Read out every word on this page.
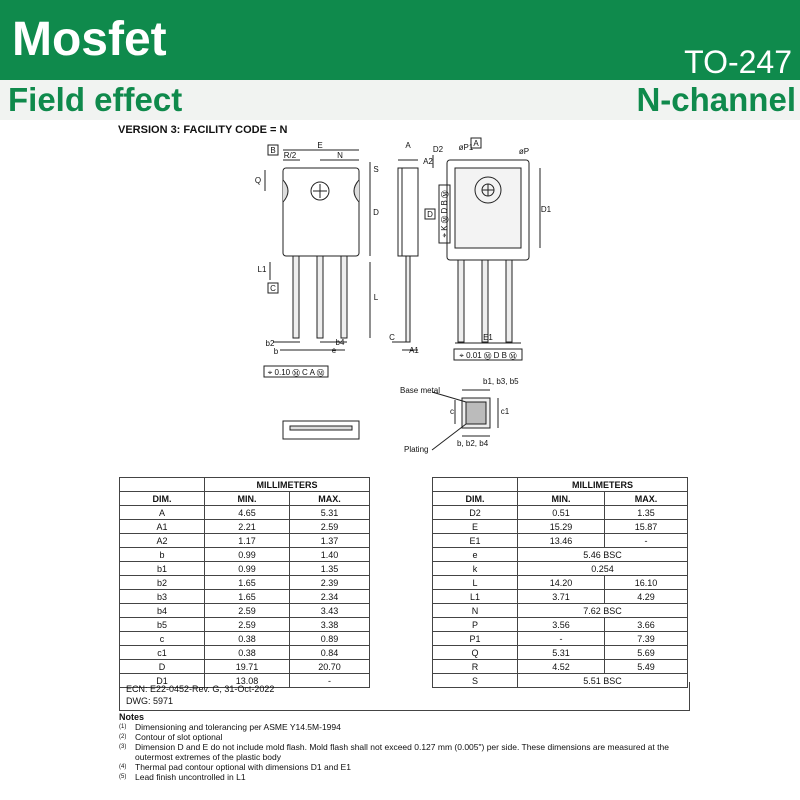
Mosfet	TO-247
Field effect	N-channel
VERSION 3: FACILITY CODE = N
E
R/2	N
Q
S
D
L1
L
b2
b
b4
e
A
A2
A1
C
D2 øP1	øP
D1
E1
B
C
D
A
⌖ 0.10 Ⓜ C A Ⓜ
⌖ 0.01 Ⓜ D B Ⓜ
⌖ K Ⓜ D B Ⓜ
Base metal
Plating
b1, b3, b5
b, b2, b4
c	c1
	MILLIMETERS	
DIM.	MIN.	MAX.
A	4.65	5.31
A1	2.21	2.59
A2	1.17	1.37
b	0.99	1.40
b1	0.99	1.35
b2	1.65	2.39
b3	1.65	2.34
b4	2.59	3.43
b5	2.59	3.38
c	0.38	0.89
c1	0.38	0.84
D	19.71	20.70
D1	13.08	-
	MILLIMETERS	
DIM.	MIN.	MAX.
D2	0.51	1.35
E	15.29	15.87
E1	13.46	-
e	5.46 BSC	
k	0.254	
L	14.20	16.10
L1	3.71	4.29
N	7.62 BSC	
P	3.56	3.66
P1	-	7.39
Q	5.31	5.69
R	4.52	5.49
S	5.51 BSC	
ECN: E22-0452-Rev. G, 31-Oct-2022
DWG: 5971
Notes
(1)	Dimensioning and tolerancing per ASME Y14.5M-1994
(2)	Contour of slot optional
(3)	Dimension D and E do not include mold flash. Mold flash shall not exceed 0.127 mm (0.005") per side. These dimensions are measured at the outermost extremes of the plastic body
(4)	Thermal pad contour optional with dimensions D1 and E1
(5)	Lead finish uncontrolled in L1
